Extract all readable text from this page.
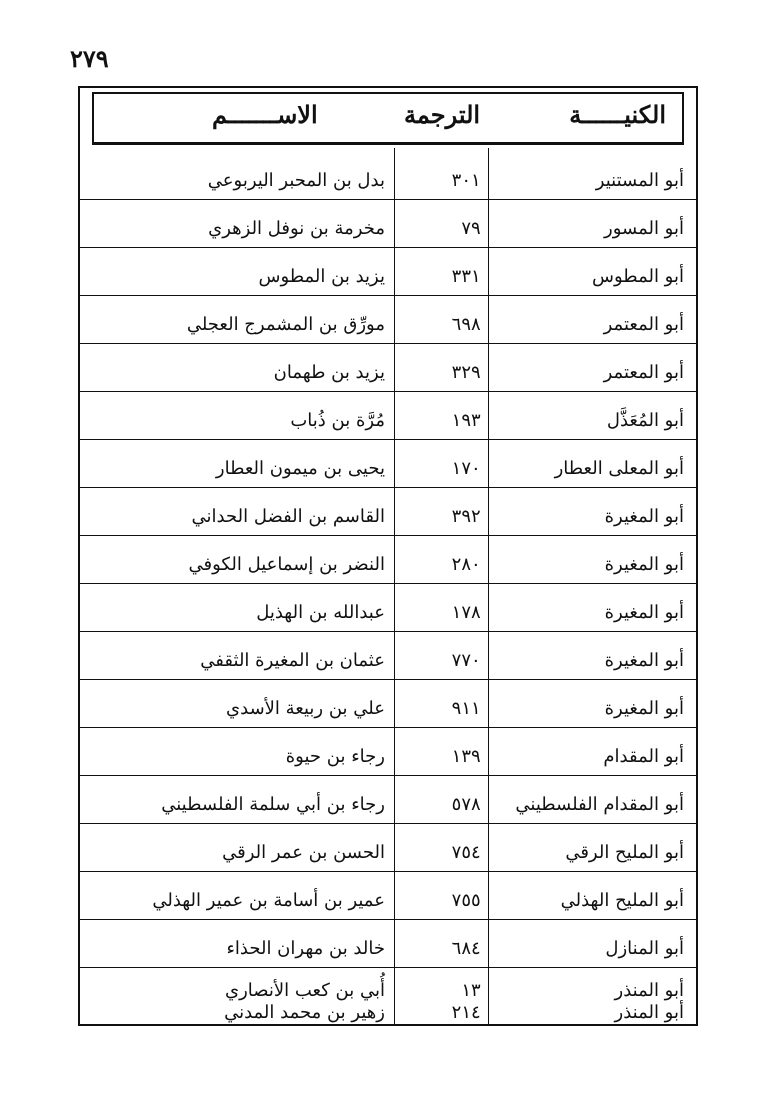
٢٧٩
الكنيــــــة
الترجمة
الاســـــــم
أبو المستنير
٣٠١
بدل بن المحبر اليربوعي
أبو المسور
٧٩
مخرمة بن نوفل الزهري
أبو المطوس
٣٣١
يزيد بن المطوس
أبو المعتمر
٦٩٨
مورِّق بن المشمرج العجلي
أبو المعتمر
٣٢٩
يزيد بن طهمان
أبو المُعَذَّل
١٩٣
مُرَّة بن ذُباب
أبو المعلى العطار
١٧٠
يحيى بن ميمون العطار
أبو المغيرة
٣٩٢
القاسم بن الفضل الحداني
أبو المغيرة
٢٨٠
النضر بن إسماعيل الكوفي
أبو المغيرة
١٧٨
عبدالله بن الهذيل
أبو المغيرة
٧٧٠
عثمان بن المغيرة الثقفي
أبو المغيرة
٩١١
علي بن ربيعة الأسدي
أبو المقدام
١٣٩
رجاء بن حيوة
أبو المقدام الفلسطيني
٥٧٨
رجاء بن أبي سلمة الفلسطيني
أبو المليح الرقي
٧٥٤
الحسن بن عمر الرقي
أبو المليح الهذلي
٧٥٥
عمير بن أسامة بن عمير الهذلي
أبو المنازل
٦٨٤
خالد بن مهران الحذاء
أبو المنذر
أبو المنذر
١٣
٢١٤
أُبي بن كعب الأنصاري
زهير بن محمد المدني
